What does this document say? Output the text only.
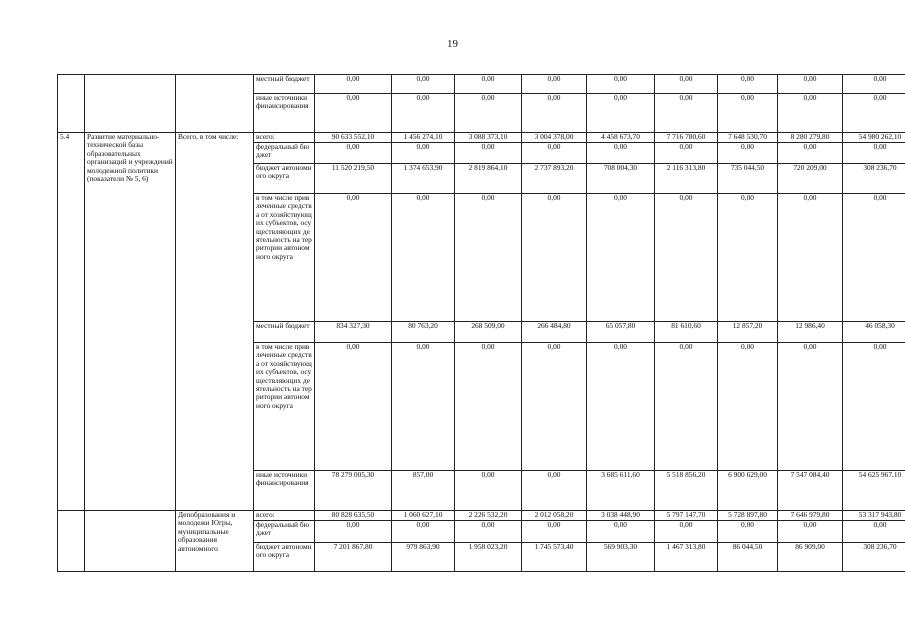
19
			местный бюджет	0,00	0,00	0,00	0,00	0,00	0,00	0,00	0,00	0,00
			иные источники финансирования	0,00	0,00	0,00	0,00	0,00	0,00	0,00	0,00	0,00
5.4	Развитие материально-технической базы образовательных организаций и учреждений молодежной политики (показатели № 5, 6)	Всего, в том числе:	всего:	90 633 552,10	1 456 274,10	3 088 373,10	3 004 378,00	4 458 673,70	7 716 780,60	7 648 530,70	8 280 279,80	54 980 262,10
			федеральный бюджет	0,00	0,00	0,00	0,00	0,00	0,00	0,00	0,00	0,00
			бюджет автономного округа	11 520 219,50	1 374 653,90	2 819 864,10	2 737 893,20	708 004,30	2 116 313,80	735 044,50	720 209,00	308 236,70
			в том числе привлеченные средства от хозяйствующих субъектов, осуществляющих деятельность на территории автономного округа	0,00	0,00	0,00	0,00	0,00	0,00	0,00	0,00	0,00
			местный бюджет	834 327,30	80 763,20	268 509,00	266 484,80	65 057,80	81 610,60	12 857,20	12 986,40	46 058,30
			в том числе привлеченные средства от хозяйствующих субъектов, осуществляющих деятельность на территории автономного округа	0,00	0,00	0,00	0,00	0,00	0,00	0,00	0,00	0,00
			иные источники финансирования	78 279 005,30	857,00	0,00	0,00	3 685 611,60	5 518 856,20	6 900 629,00	7 547 084,40	54 625 967,10
		Депобразования и молодежи Югры, муниципальные образования автономного	всего:	80 828 635,50	1 060 627,10	2 226 532,20	2 012 058,20	3 038 448,90	5 797 147,70	5 728 897,80	7 646 979,80	53 317 943,80
			федеральный бюджет	0,00	0,00	0,00	0,00	0,00	0,00	0,00	0,00	0,00
			бюджет автономного округа	7 201 867,80	979 863,90	1 958 023,20	1 745 573,40	569 903,30	1 467 313,80	86 044,50	86 909,00	308 236,70
